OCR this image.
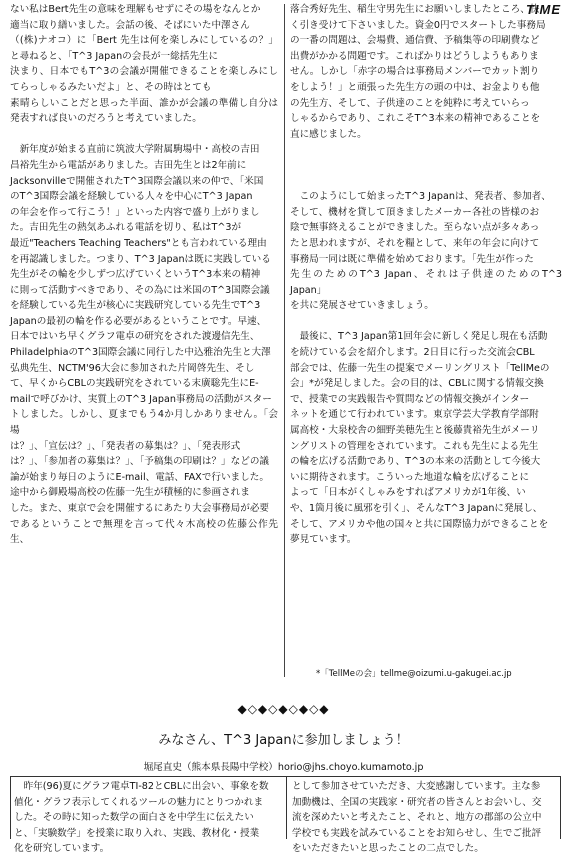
TIME
ない私はBert先生の意味を理解もせずにその場をなんとか
適当に取り繕いました。会話の後、そばにいた中澤さん
（(株)ナオコ）に「Bert 先生は何を楽しみにしているの？」と尋ねると、「T^3 Japanの会長が一総括先生に
決まり、日本でもT^3の会議が開催できることを楽しみにしてらっしゃるみたいだよ」と、その時はとても
素晴らしいことだと思った半面、誰かが会議の準備し自分は発表すれば良いのだろうと考えていました。

　新年度が始まる直前に筑波大学附属駒場中・高校の吉田
昌裕先生から電話がありました。吉田先生とは2年前に
Jacksonvilleで開催されたT^3国際会議以来の仲で、「米国
のT^3国際会議を経験している人々を中心にT^3 Japan
の年会を作って行こう！」といった内容で盛り上がりまし
た。吉田先生の熱気あふれる電話を切り、私はT^3が
最近"Teachers Teaching Teachers"とも言われている理由
を再認識しました。つまり、T^3 Japanは既に実践している
先生がその輪を少しずつ広げていくというT^3本来の精神
に則って活動すべきであり、その為には米国のT^3国際会議
を経験している先生が核心に実践研究している先生でT^3
Japanの最初の輪を作る必要があるということです。早速、
日本ではいち早くグラフ電卓の研究をされた渡邊信先生、
PhiladelphiaのT^3国際会議に同行した中込雅治先生と大澤
弘典先生、NCTM'96大会に参加された片岡啓先生、そし
て、早くからCBLの実践研究をされている末廣聡先生にE-
mailで呼びかけ、実質上のT^3 Japan事務局の活動がスター
トしました。しかし、夏までもう4か月しかありません。「会場
は？」、「宣伝は？」、「発表者の募集は？」、「発表形式
は？」、「参加者の募集は？」、「予稿集の印刷は？」などの議
論が始まり毎日のようにE-mail、電話、FAXで行いました。
途中から御殿場高校の佐藤一先生が積極的に参画されま
した。また、東京で会を開催するにあたり大会事務局が必要
であるということで無理を言って代々木高校の佐藤公作先生、
落合秀好先生、稲生守男先生にお願いしましたところ、快
く引き受けて下さいました。資金0円でスタートした事務局
の一番の問題は、会場費、通信費、予稿集等の印刷費など
出費がかかる問題です。こればかりはどうしようもありま
せん。しかし「赤字の場合は事務局メンバーでカット割り
をしよう！」と頑張った先生方の頭の中は、お金よりも他
の先生方、そして、子供達のことを純粋に考えていらっ
しゃるからであり、これこそT^3本来の精神であることを
直に感じました。

　このようにして始まったT^3 Japanは、発表者、参加者、
そして、機材を貸して頂きましたメーカー各社の皆様のお
陰で無事終えることができました。至らない点が多々あっ
たと思われますが、それを糧として、来年の年会に向けて
事務局一同は既に準備を始めております。「先生が作った
先生のためのT^3 Japan、それは子供達のためのT^3 Japan」
を共に発展させていきましょう。

　最後に、T^3 Japan第1回年会に新しく発足し現在も活動
を続けている会を紹介します。2日目に行った交流会CBL
部会では、佐藤一先生の提案でメーリングリスト「TellMeの
会」*が発足しました。会の目的は、CBLに関する情報交換
で、授業での実践報告や質問などの情報交換がインター
ネットを通じて行われています。東京学芸大学教育学部附
属高校・大泉校舎の細野美穂先生と後藤貴裕先生がメーリ
ングリストの管理をされています。これも先生による先生
の輪を広げる活動であり、T^3の本来の活動として今後大
いに期待されます。こういった地道な輪を広げることに
よって「日本がくしゃみをすればアメリカが1年後、い
や、1箇月後に風邪を引く」、そんなT^3 Japanに発展し、
そして、アメリカや他の国々と共に国際協力ができることを
夢見ています。
*「TellMeの会」tellme@oizumi.u-gakugei.ac.jp
◆◇◆◇◆◇◆◇◆
みなさん、T^3 Japanに参加しましょう！
堀尾直史（熊本県長陽中学校）horio@jhs.choyo.kumamoto.jp

　昨年(96)夏にグラフ電卓TI-82とCBLに出会い、事象を数
値化・グラフ表示してくれるツールの魅力にとりつかれま
した。その時に知った数学の面白さを中学生に伝えたい
と、「実験数学」を授業に取り入れ、実践、教材化・授業
化を研究しています。

として参加させていただき、大変感謝しています。主な参
加動機は、全国の実践家・研究者の皆さんとお会いし、交
流を深めたいと考えたこと、それと、地方の郡部の公立中
学校でも実践を試みていることをお知らせし、生でご批評
をいただきたいと思ったことの二点でした。
